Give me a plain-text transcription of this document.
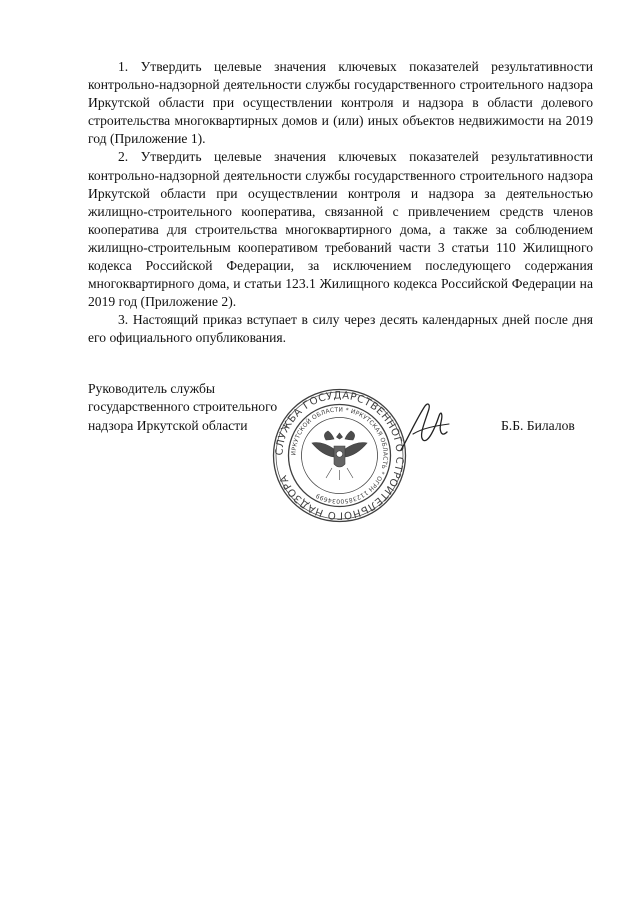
1. Утвердить целевые значения ключевых показателей результативности контрольно-надзорной деятельности службы государственного строительного надзора Иркутской области при осуществлении контроля и надзора в области долевого строительства многоквартирных домов и (или) иных объектов недвижимости на 2019 год (Приложение 1).

2. Утвердить целевые значения ключевых показателей результативности контрольно-надзорной деятельности службы государственного строительного надзора Иркутской области при осуществлении контроля и надзора за деятельностью жилищно-строительного кооператива, связанной с привлечением средств членов кооператива для строительства многоквартирного дома, а также за соблюдением жилищно-строительным кооперативом требований части 3 статьи 110 Жилищного кодекса Российской Федерации, за исключением последующего содержания многоквартирного дома, и статьи 123.1 Жилищного кодекса Российской Федерации на 2019 год (Приложение 2).

3. Настоящий приказ вступает в силу через десять календарных дней после дня его официального опубликования.

Руководитель службы
государственного строительного
надзора Иркутской области
СЛУЖБА ГОСУДАРСТВЕННОГО СТРОИТЕЛЬНОГО НАДЗОРА
ИРКУТСКОЙ ОБЛАСТИ * ИРКУТСКАЯ ОБЛАСТЬ * ОГРН 1123850034699
Б.Б. Билалов
